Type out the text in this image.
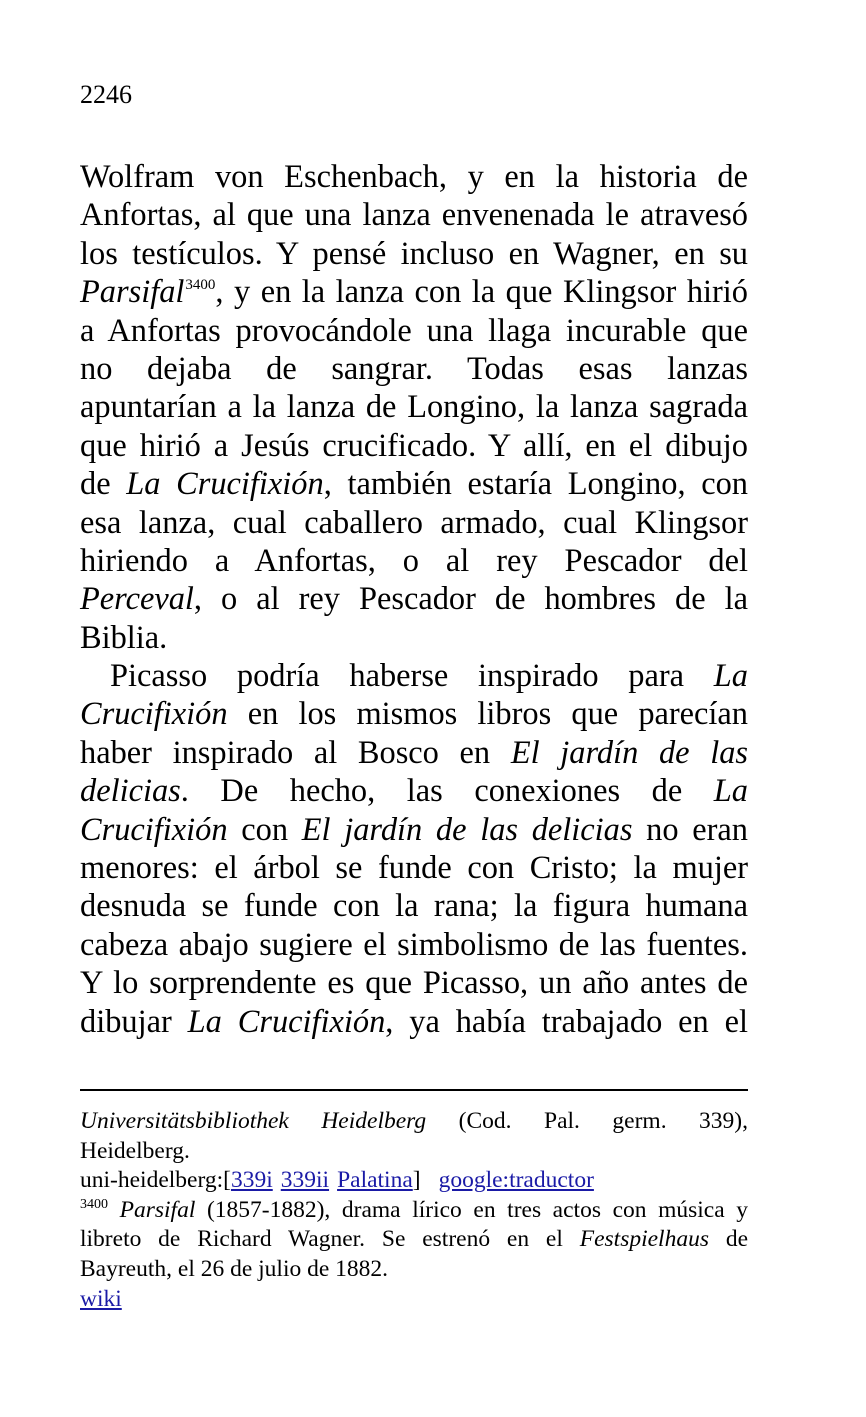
2246
Wolfram von Eschenbach, y en la historia de
Anfortas, al que una lanza envenenada le atravesó
los testículos. Y pensé incluso en Wagner, en su
Parsifal$^{3400}$, y en la lanza con la que Klingsor hirió
a Anfortas provocándole una llaga incurable que
no dejaba de sangrar. Todas esas lanzas
apuntarían a la lanza de Longino, la lanza sagrada
que hirió a Jesús crucificado. Y allí, en el dibujo
de La Crucifixión, también estaría Longino, con
esa lanza, cual caballero armado, cual Klingsor
hiriendo a Anfortas, o al rey Pescador del
Perceval, o al rey Pescador de hombres de la
Biblia.
Picasso podría haberse inspirado para La
Crucifixión en los mismos libros que parecían
haber inspirado al Bosco en El jardín de las
delicias. De hecho, las conexiones de La
Crucifixión con El jardín de las delicias no eran
menores: el árbol se funde con Cristo; la mujer
desnuda se funde con la rana; la figura humana
cabeza abajo sugiere el simbolismo de las fuentes.
Y lo sorprendente es que Picasso, un año antes de
dibujar La Crucifixión, ya había trabajado en el
Universitätsbibliothek Heidelberg (Cod. Pal. germ. 339),
Heidelberg.
uni-heidelberg:[339i 339ii Palatina] google:traductor
$^{3400}$ Parsifal (1857-1882), drama lírico en tres actos con música y
libreto de Richard Wagner. Se estrenó en el Festspielhaus de
Bayreuth, el 26 de julio de 1882.
wiki
